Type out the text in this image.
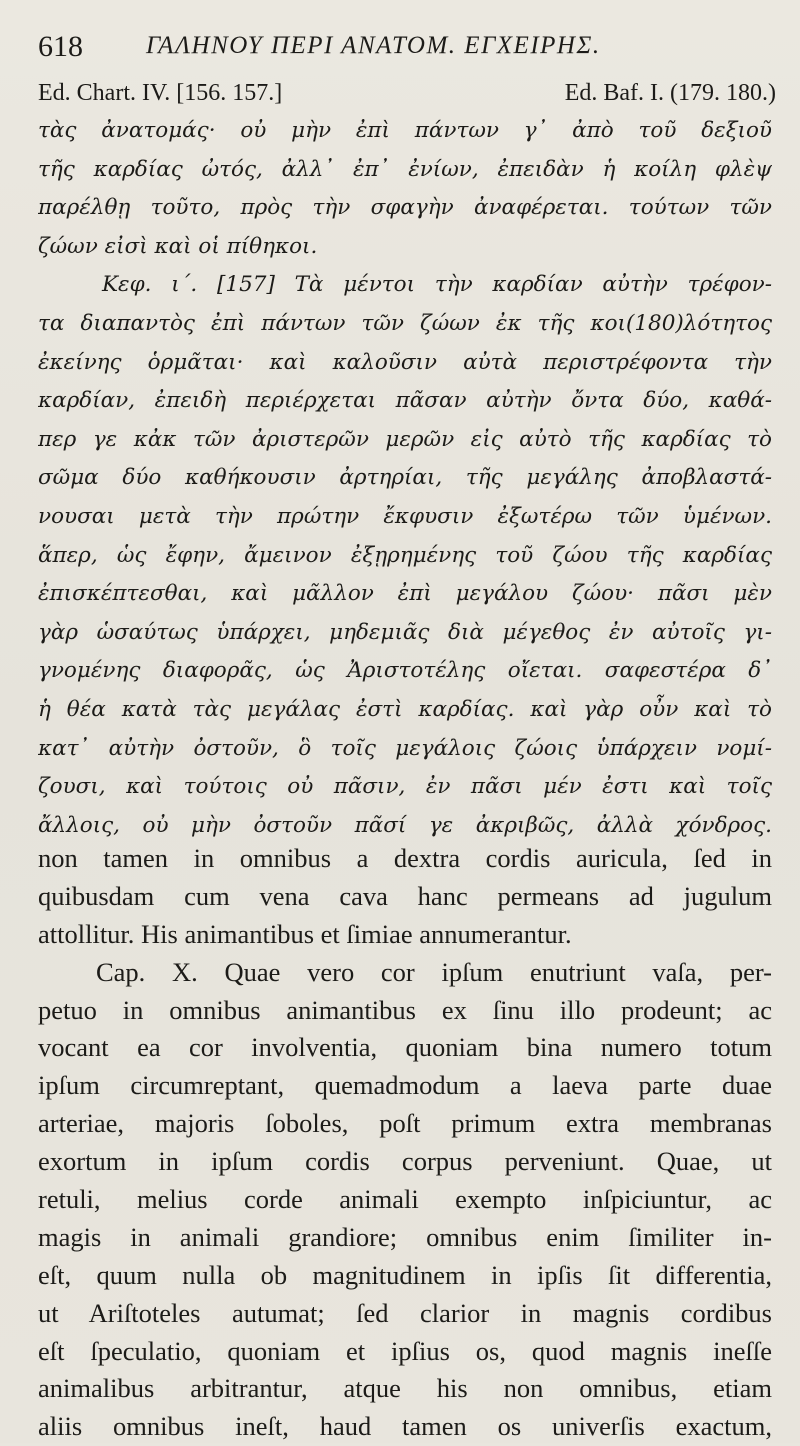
618	ΓΑΛΗΝΟΥ ΠΕΡΙ ΑΝΑΤΟΜ. ΕΓΧΕΙΡΗΣ.
Ed. Chart. IV. [156. 157.]	Ed. Baf. I. (179. 180.)
τὰς ἀνατομάς· οὐ μὴν ἐπὶ πάντων γ᾽ ἀπὸ τοῦ δεξιοῦ
τῆς καρδίας ὠτός, ἀλλ᾽ ἐπ᾽ ἐνίων, ἐπειδὰν ἡ κοίλη φλὲψ
παρέλθῃ τοῦτο, πρὸς τὴν σφαγὴν ἀναφέρεται. τούτων τῶν
ζώων εἰσὶ καὶ οἱ πίθηκοι.
Κεφ. ι΄. [157] Τὰ μέντοι τὴν καρδίαν αὐτὴν τρέφον-
τα διαπαντὸς ἐπὶ πάντων τῶν ζώων ἐκ τῆς κοι(180)λότητος
ἐκείνης ὁρμᾶται· καὶ καλοῦσιν αὐτὰ περιστρέφοντα τὴν
καρδίαν, ἐπειδὴ περιέρχεται πᾶσαν αὐτὴν ὄντα δύο, καθά-
περ γε κἀκ τῶν ἀριστερῶν μερῶν εἰς αὐτὸ τῆς καρδίας τὸ
σῶμα δύο καθήκουσιν ἀρτηρίαι, τῆς μεγάλης ἀποβλαστά-
νουσαι μετὰ τὴν πρώτην ἔκφυσιν ἐξωτέρω τῶν ὑμένων.
ἅπερ, ὡς ἔφην, ἄμεινον ἐξῃρημένης τοῦ ζώου τῆς καρδίας
ἐπισκέπτεσθαι, καὶ μᾶλλον ἐπὶ μεγάλου ζώου· πᾶσι μὲν
γὰρ ὡσαύτως ὑπάρχει, μηδεμιᾶς διὰ μέγεθος ἐν αὐτοῖς γι-
γνομένης διαφορᾶς, ὡς Ἀριστοτέλης οἴεται. σαφεστέρα δ᾽
ἡ θέα κατὰ τὰς μεγάλας ἐστὶ καρδίας. καὶ γὰρ οὖν καὶ τὸ
κατ᾽ αὐτὴν ὀστοῦν, ὃ τοῖς μεγάλοις ζώοις ὑπάρχειν νομί-
ζουσι, καὶ τούτοις οὐ πᾶσιν, ἐν πᾶσι μέν ἐστι καὶ τοῖς
ἄλλοις, οὐ μὴν ὀστοῦν πᾶσί γε ἀκριβῶς, ἀλλὰ χόνδρος.
non tamen in omnibus a dextra cordis auricula, ſed in
quibusdam cum vena cava hanc permeans ad jugulum
attollitur. His animantibus et ſimiae annumerantur.
Cap. X. Quae vero cor ipſum enutriunt vaſa, per-
petuo in omnibus animantibus ex ſinu illo prodeunt; ac
vocant ea cor involventia, quoniam bina numero totum
ipſum circumreptant, quemadmodum a laeva parte duae
arteriae, majoris ſoboles, poſt primum extra membranas
exortum in ipſum cordis corpus perveniunt. Quae, ut
retuli, melius corde animali exempto inſpiciuntur, ac
magis in animali grandiore; omnibus enim ſimiliter in-
eſt, quum nulla ob magnitudinem in ipſis ſit differentia,
ut Ariſtoteles autumat; ſed clarior in magnis cordibus
eſt ſpeculatio, quoniam et ipſius os, quod magnis ineſſe
animalibus arbitrantur, atque his non omnibus, etiam
aliis omnibus ineſt, haud tamen os univerſis exactum,
